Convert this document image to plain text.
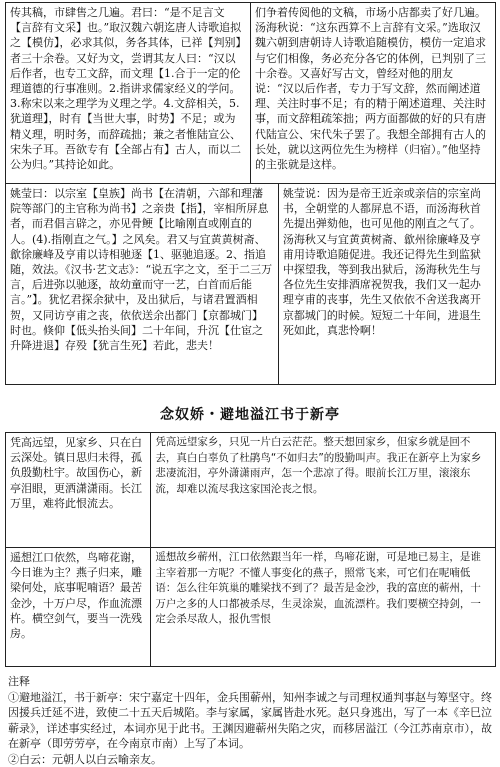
传其稿，市肆售之几遍。君曰：“是不足言文【言辞有文采】也。”取汉魏六朝迄唐人诗歌追拟之【模仿】，必求其似，务各其体，已祥【判别】者三十余卷。又好为文，尝谓其友人曰：“汉以后作者，也专工文辞，而文理【1.合于一定的伦理道德的行事准则。2.指讲求儒家经义的学问。3.称宋以来之理学为义理之学。4.文辞相关，5.犹道理】，时有【当世大事，时势】不足；或为精义理，明时务，而辞疏拙；兼之者惟陆宣公、宋朱子耳。吾欲专有【全部占有】古人，而以二公为归。”其持论如此。
们争着传阅他的文稿，市场小店都卖了好几遍。汤海秋说：“这东西算不上言辞有文采。”选取汉魏六朝到唐朝诗人诗歌追随模仿，模仿一定追求与它们相像，务必充分各它的体例，已判别了三十余卷。又喜好写古文，曾经对他的朋友说：“汉以后作者，专力于写文辞，然而阐述道理、关注时事不足；有的精于阐述道理、关注时事，而文辞粗疏笨拙；两方面都做的好的只有唐代陆宣公、宋代朱子罢了。我想全部拥有古人的长处，就以这两位先生为榜样（归宿）。”他坚持的主张就是这样。
姚莹曰：以宗室【皇族】尚书【在清朝，六部和理藩院等部门的主官称为尚书】之亲贵【指】，宰相所屏息者，而君倡言辟之，亦见骨鲠【比喻刚直或刚直的人。(4).指刚直之气。】之风矣。君又与宜黄黄树斋、歙徐廉峰及亨甫以诗相驰逐【1、驱驰追逐。2、指追随，效法。《汉书·艺文志》：“说五字之文，至于二三万言，后进弥以驰逐，故幼童而守一艺，白首而后能言。”】。犹忆君探余狱中，及出狱后，与诸君置酒相贺，又同访亨甫之丧，依依送余出都门【京都城门】时也。倏仰【低头抬头间】二十年间，升沉【仕宦之升降进退】存殁【犹言生死】若此，悲夫！
姚莹说：因为是帝王近亲或亲信的宗室尚书，全朝堂的人都屏息不语，而汤海秋首先提出弹劾他，也可见他的刚直之气了。汤海秋又与宜黄黄树斋、歙州徐廉峰及亨甫用诗歌追随促进。我还记得先生到监狱中探望我，等到我出狱后，汤海秋先生与各位先生安排酒席祝贺我，我们又一起办理亨甫的丧事，先生又依依不舍送我离开京都城门的时候。短短二十年间，进退生死如此，真悲怜啊！
念奴娇・避地溢江书于新亭
凭高远望，见家乡、只在白云深处。镇日思归未得，孤负殷勤杜宇。故国伤心，新亭泪眼，更洒潇潇雨。长江万里，难将此恨流去。
凭高远望家乡，只见一片白云茫茫。整天想回家乡，但家乡就是回不去，真白白辜负了杜鹃鸟“不如归去”的殷勤叫声。我正在新亭上为家乡悲凄流泪，亭外潇潇雨声，怎一个悲凉了得。眼前长江万里，滚滚东流，却难以流尽我这家国沦丧之恨。
遥想江口依然，鸟啼花谢，今日谁为主？燕子归来，雕梁何处，底事呢喃语？最苦金沙，十万户尽，作血流漂杵。横空剑气，要当一洗残房。
遥想故乡蕲州，江口依然跟当年一样，鸟啼花谢，可是地已易主，是谁主宰着那一方呢？不懂人事变化的燕子，照常飞来，可它们在呢喃低语：怎么往年筑巢的雕梁找不到了？最苦是金沙，我的富庶的蕲州，十万户之多的人口都被杀尽，生灵涂炭，血流漂杵。我们要横空持剑，一定会杀尽敌人，报仇雪恨
注释
①避地溢江，书于新亭：宋宁嘉定十四年，金兵围蕲州，知州李诚之与司理权通判事赵与筹坚守。终因援兵迁延不进，致使二十五天后城陷。李与家属，家属皆赴水死。赵只身逃出，写了一本《辛巳泣蕲录》，详述事实经过，本词亦见于此书。王渊因避蕲州失陷之灾，而移居溢江（今江苏南京市），故在新亭（即劳劳亭，在今南京市南）上写了本词。
②白云：元朝人以白云喻亲友。
